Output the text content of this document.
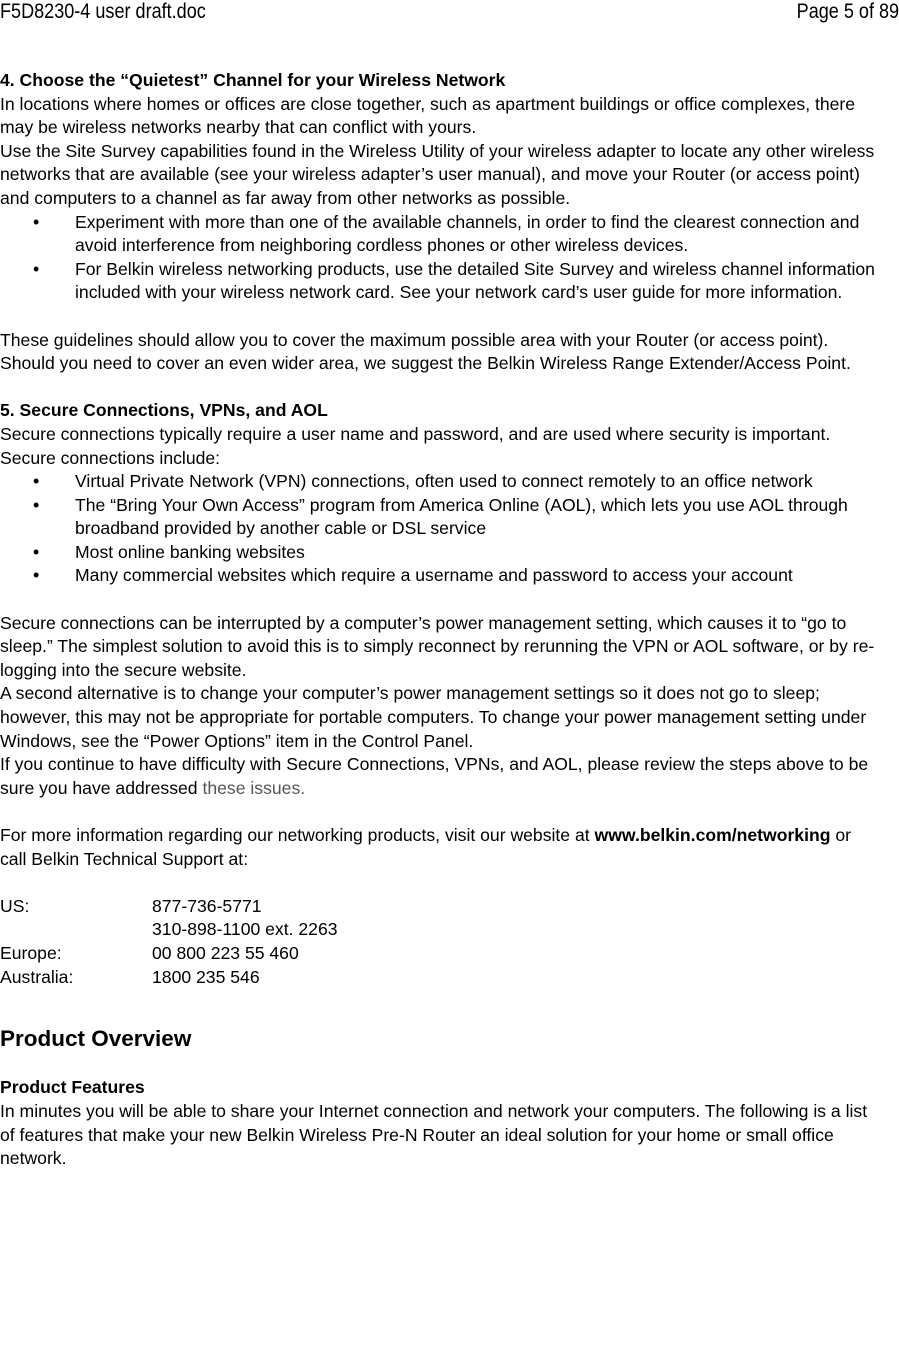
F5D8230-4 user draft.doc	Page 5 of 89

4. Choose the “Quietest” Channel for your Wireless Network

In locations where homes or offices are close together, such as apartment buildings or office complexes, there may be wireless networks nearby that can conflict with yours.

Use the Site Survey capabilities found in the Wireless Utility of your wireless adapter to locate any other wireless networks that are available (see your wireless adapter’s user manual), and move your Router (or access point) and computers to a channel as far away from other networks as possible.

• Experiment with more than one of the available channels, in order to find the clearest connection and avoid interference from neighboring cordless phones or other wireless devices.
• For Belkin wireless networking products, use the detailed Site Survey and wireless channel information included with your wireless network card. See your network card’s user guide for more information.

These guidelines should allow you to cover the maximum possible area with your Router (or access point). Should you need to cover an even wider area, we suggest the Belkin Wireless Range Extender/Access Point.

5. Secure Connections, VPNs, and AOL

Secure connections typically require a user name and password, and are used where security is important. Secure connections include:

• Virtual Private Network (VPN) connections, often used to connect remotely to an office network
• The “Bring Your Own Access” program from America Online (AOL), which lets you use AOL through broadband provided by another cable or DSL service
• Most online banking websites
• Many commercial websites which require a username and password to access your account

Secure connections can be interrupted by a computer’s power management setting, which causes it to “go to sleep.” The simplest solution to avoid this is to simply reconnect by rerunning the VPN or AOL software, or by re-logging into the secure website.

A second alternative is to change your computer’s power management settings so it does not go to sleep; however, this may not be appropriate for portable computers. To change your power management setting under Windows, see the “Power Options” item in the Control Panel.

If you continue to have difficulty with Secure Connections, VPNs, and AOL, please review the steps above to be sure you have addressed these issues.

For more information regarding our networking products, visit our website at www.belkin.com/networking or call Belkin Technical Support at:

US:	877-736-5771
310-898-1100 ext. 2263
Europe:	00 800 223 55 460
Australia:	1800 235 546

Product Overview

Product Features

In minutes you will be able to share your Internet connection and network your computers. The following is a list of features that make your new Belkin Wireless Pre-N Router an ideal solution for your home or small office network.
